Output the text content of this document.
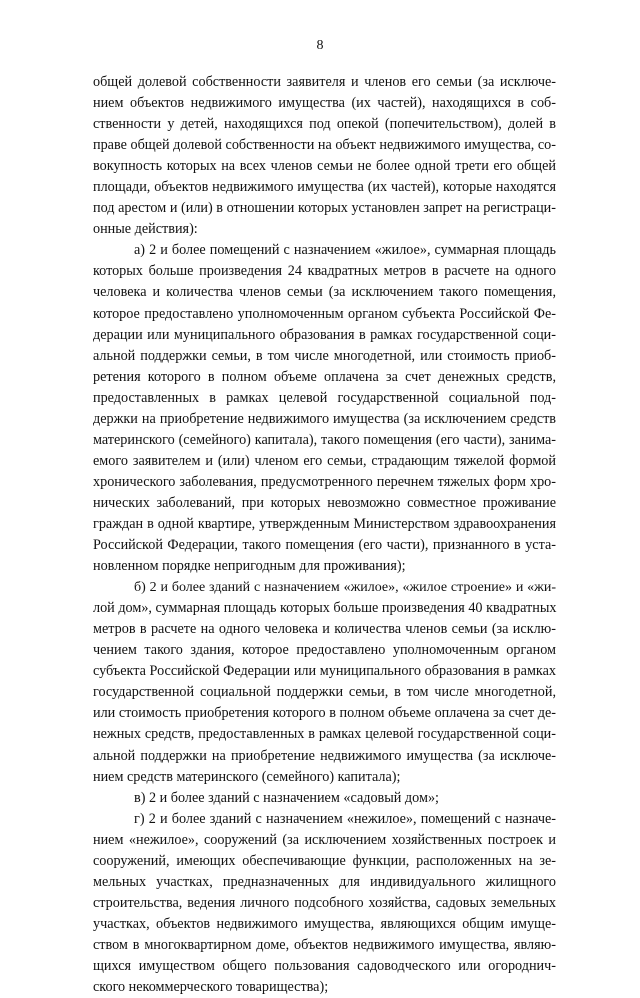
8
общей долевой собственности заявителя и членов его семьи (за исключе-
нием объектов недвижимого имущества (их частей), находящихся в соб-
ственности у детей, находящихся под опекой (попечительством), долей в
праве общей долевой собственности на объект недвижимого имущества, со-
вокупность которых на всех членов семьи не более одной трети его общей
площади, объектов недвижимого имущества (их частей), которые находятся
под арестом и (или) в отношении которых установлен запрет на регистраци-
онные действия):
а) 2 и более помещений с назначением «жилое», суммарная площадь
которых больше произведения 24 квадратных метров в расчете на одного
человека и количества членов семьи (за исключением такого помещения,
которое предоставлено уполномоченным органом субъекта Российской Фе-
дерации или муниципального образования в рамках государственной соци-
альной поддержки семьи, в том числе многодетной, или стоимость приоб-
ретения которого в полном объеме оплачена за счет денежных средств,
предоставленных в рамках целевой государственной социальной под-
держки на приобретение недвижимого имущества (за исключением средств
материнского (семейного) капитала), такого помещения (его части), занима-
емого заявителем и (или) членом его семьи, страдающим тяжелой формой
хронического заболевания, предусмотренного перечнем тяжелых форм хро-
нических заболеваний, при которых невозможно совместное проживание
граждан в одной квартире, утвержденным Министерством здравоохранения
Российской Федерации, такого помещения (его части), признанного в уста-
новленном порядке непригодным для проживания);
б) 2 и более зданий с назначением «жилое», «жилое строение» и «жи-
лой дом», суммарная площадь которых больше произведения 40 квадратных
метров в расчете на одного человека и количества членов семьи (за исклю-
чением такого здания, которое предоставлено уполномоченным органом
субъекта Российской Федерации или муниципального образования в рамках
государственной социальной поддержки семьи, в том числе многодетной,
или стоимость приобретения которого в полном объеме оплачена за счет де-
нежных средств, предоставленных в рамках целевой государственной соци-
альной поддержки на приобретение недвижимого имущества (за исключе-
нием средств материнского (семейного) капитала);
в) 2 и более зданий с назначением «садовый дом»;
г) 2 и более зданий с назначением «нежилое», помещений с назначе-
нием «нежилое», сооружений (за исключением хозяйственных построек и
сооружений, имеющих обеспечивающие функции, расположенных на зе-
мельных участках, предназначенных для индивидуального жилищного
строительства, ведения личного подсобного хозяйства, садовых земельных
участках, объектов недвижимого имущества, являющихся общим имуще-
ством в многоквартирном доме, объектов недвижимого имущества, являю-
щихся имуществом общего пользования садоводческого или огороднич-
ского некоммерческого товарищества);
